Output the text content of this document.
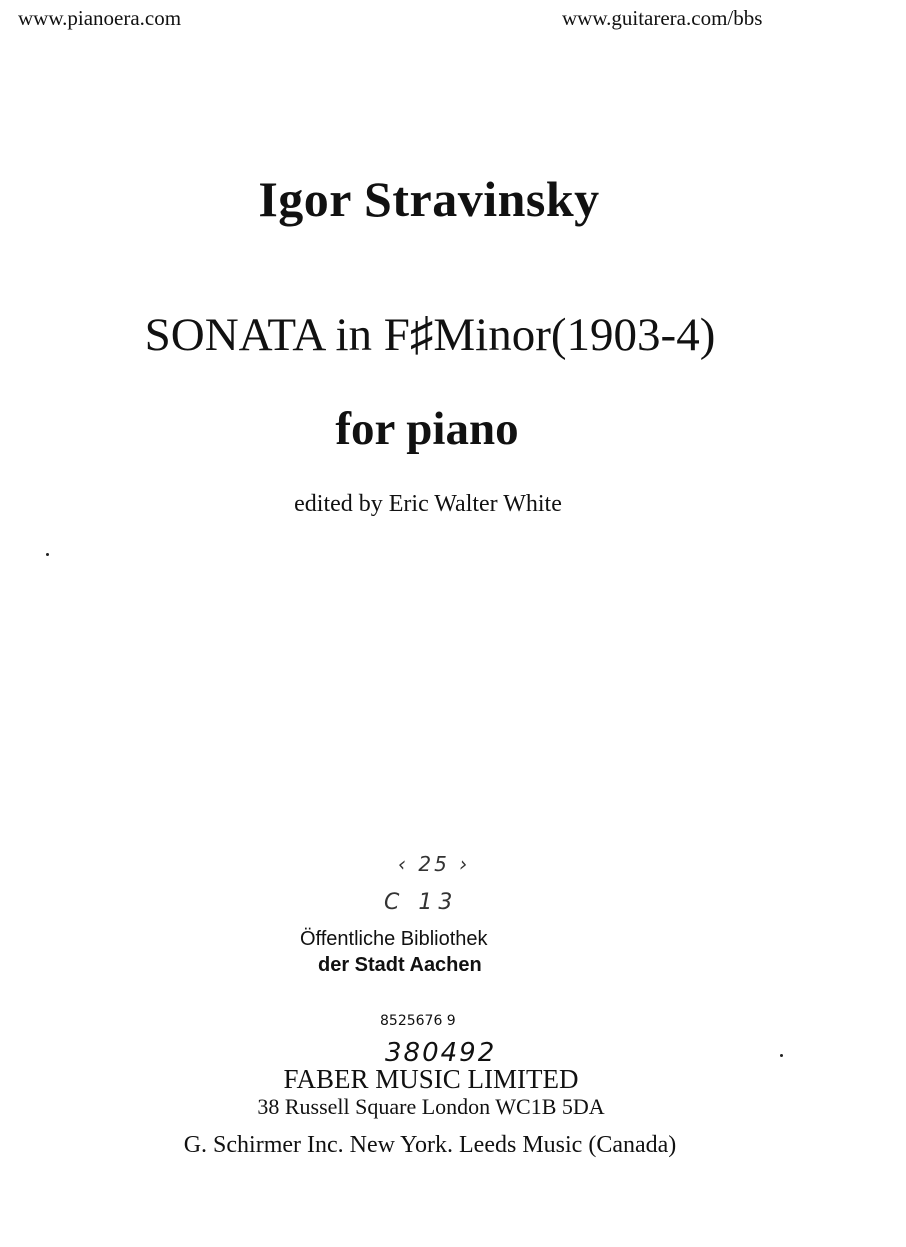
www.pianoera.com	www.guitarera.com/bbs
Igor Stravinsky
SONATA in F♯Minor(1903-4)
for piano
edited by Eric Walter White
‹ 25 ›
C 13
Öffentliche Bibliothek
der Stadt Aachen
8525676 9
380492
FABER MUSIC LIMITED
38 Russell Square London WC1B 5DA
G. Schirmer Inc. New York. Leeds Music (Canada)
